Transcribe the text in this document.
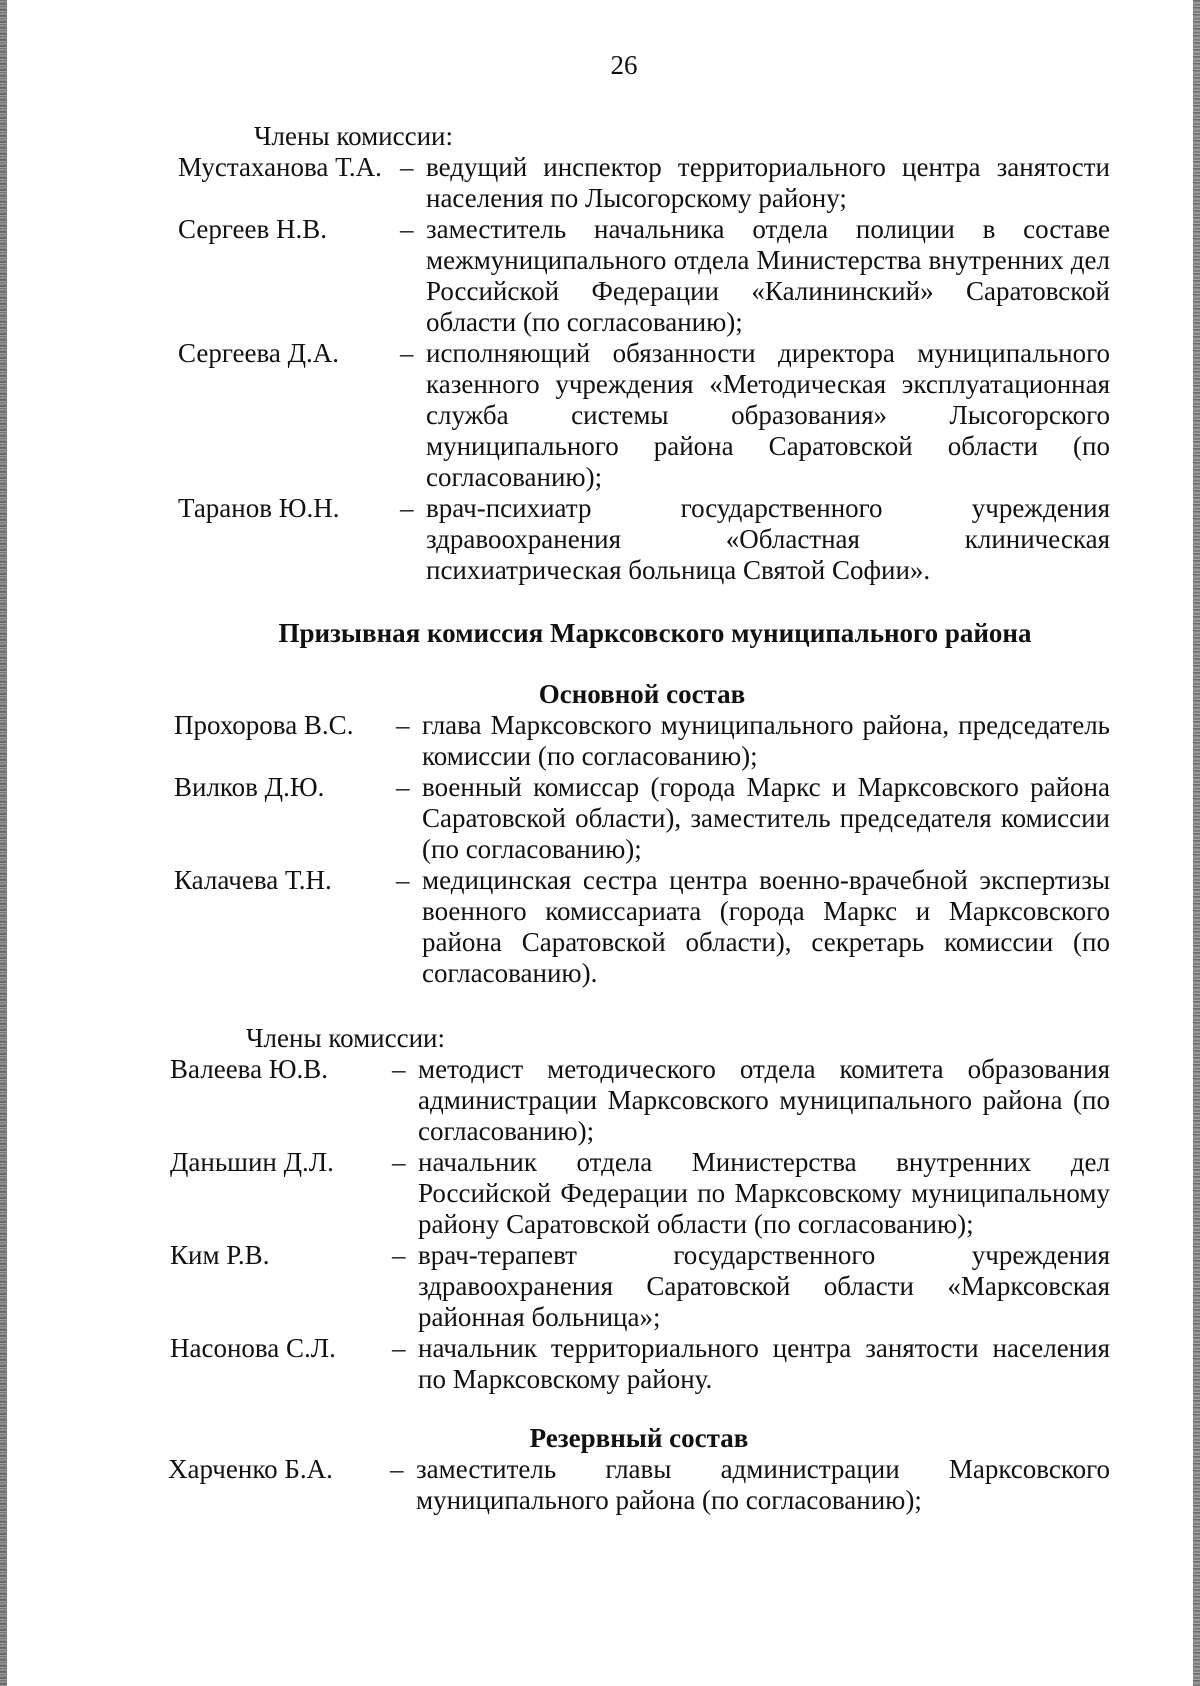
26

Члены комиссии:

Мустаханова Т.А. – ведущий инспектор территориального центра занятости населения по Лысогорскому району;
Сергеев Н.В.	– заместитель начальника отдела полиции в составе межмуниципального отдела Министерства внутренних дел Российской Федерации «Калининский» Саратовской области (по согласованию);
Сергеева Д.А.	– исполняющий обязанности директора муниципального казенного учреждения «Методическая эксплуатационная служба системы образования» Лысогорского муниципального района Саратовской области (по согласованию);
Таранов Ю.Н.	– врач-психиатр государственного учреждения здравоохранения «Областная клиническая психиатрическая больница Святой Софии».

Призывная комиссия Марксовского муниципального района

Основной состав

Прохорова В.С.	– глава Марксовского муниципального района, председатель комиссии (по согласованию);
Вилков Д.Ю.	– военный комиссар (города Маркс и Марксовского района Саратовской области), заместитель председателя комиссии (по согласованию);
Калачева Т.Н.	– медицинская сестра центра военно-врачебной экспертизы военного комиссариата (города Маркс и Марксовского района Саратовской области), секретарь комиссии (по согласованию).

Члены комиссии:

Валеева Ю.В.	– методист методического отдела комитета образования администрации Марксовского муниципального района (по согласованию);
Даньшин Д.Л.	– начальник отдела Министерства внутренних дел Российской Федерации по Марксовскому муниципальному району Саратовской области (по согласованию);
Ким Р.В.	– врач-терапевт государственного учреждения здравоохранения Саратовской области «Марксовская районная больница»;
Насонова С.Л.	– начальник территориального центра занятости населения по Марксовскому району.

Резервный состав

Харченко Б.А.	– заместитель главы администрации Марксовского муниципального района (по согласованию);
